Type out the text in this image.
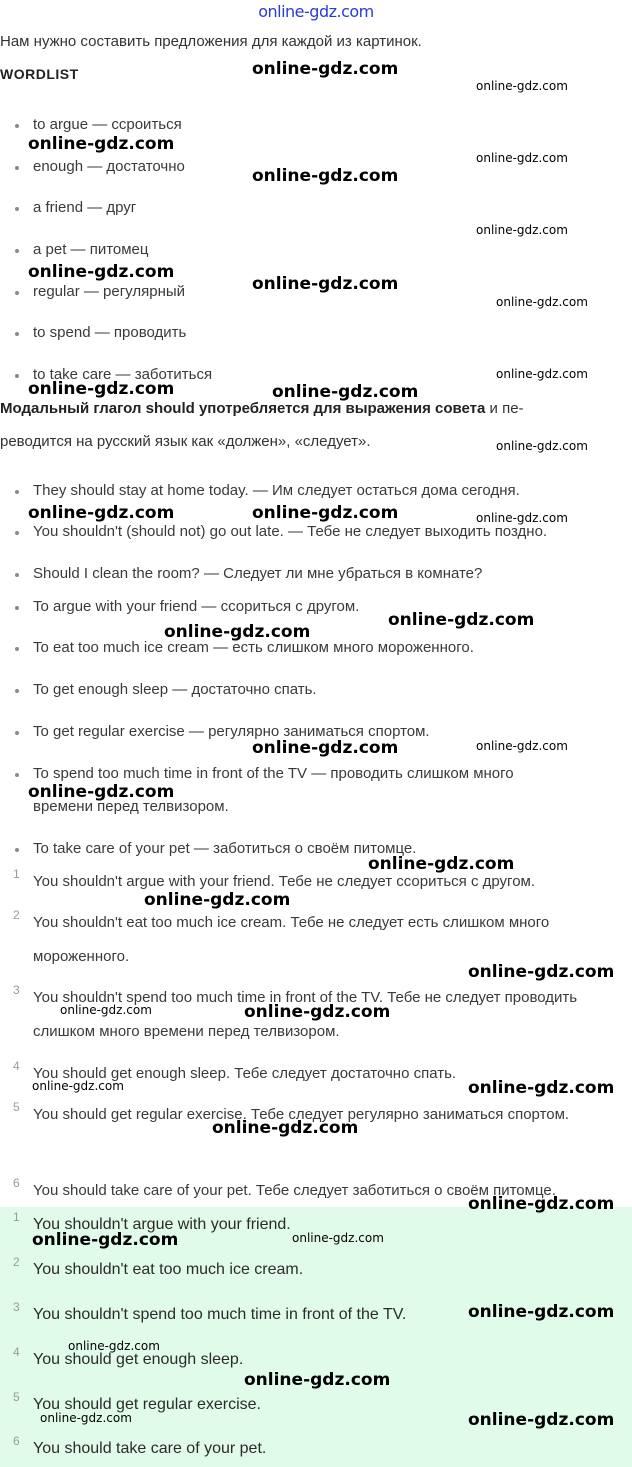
online-gdz.com
Нам нужно составить предложения для каждой из картинок.
WORDLIST
to argue — ссроиться
enough — достаточно
a friend — друг
a pet — питомец
regular — регулярный
to spend — проводить
to take care — заботиться
Модальный глагол should употребляется для выражения совета и пе-
реводится на русский язык как «должен», «следует».
They should stay at home today. — Им следует остаться дома сегодня.
You shouldn't (should not) go out late. — Тебе не следует выходить поздно.
Should I clean the room? — Следует ли мне убраться в комнате?
To argue with your friend — ссориться с другом.
To eat too much ice cream — есть слишком много мороженного.
To get enough sleep — достаточно спать.
To get regular exercise — регулярно заниматься спортом.
To spend too much time in front of the TV — проводить слишком много
времени перед телвизором.
To take care of your pet — заботиться о своём питомце.
1 You shouldn't argue with your friend. Тебе не следует ссориться с другом.
2 You shouldn't eat too much ice cream. Тебе не следует есть слишком много мороженного.
3 You shouldn't spend too much time in front of the TV. Тебе не следует проводить слишком много времени перед телвизором.
4 You should get enough sleep. Тебе следует достаточно спать.
5 You should get regular exercise. Тебе следует регулярно заниматься спортом.
6 You should take care of your pet. Тебе следует заботиться о своём питомце.
1 You shouldn't argue with your friend.
2 You shouldn't eat too much ice cream.
3 You shouldn't spend too much time in front of the TV.
4 You should get enough sleep.
5 You should get regular exercise.
6 You should take care of your pet.
online-gdz.com
online-gdz.com
online-gdz.com
online-gdz.com
online-gdz.com
online-gdz.com
online-gdz.com
online-gdz.com
online-gdz.com
online-gdz.com
online-gdz.com	online-gdz.com
online-gdz.com
online-gdz.com	online-gdz.com	online-gdz.com
online-gdz.com
online-gdz.com
online-gdz.com	online-gdz.com
online-gdz.com
online-gdz.com
online-gdz.com
online-gdz.com
online-gdz.com	online-gdz.com
online-gdz.com	online-gdz.com
online-gdz.com
online-gdz.com
online-gdz.com	online-gdz.com
online-gdz.com
online-gdz.com
online-gdz.com
online-gdz.com	online-gdz.com
